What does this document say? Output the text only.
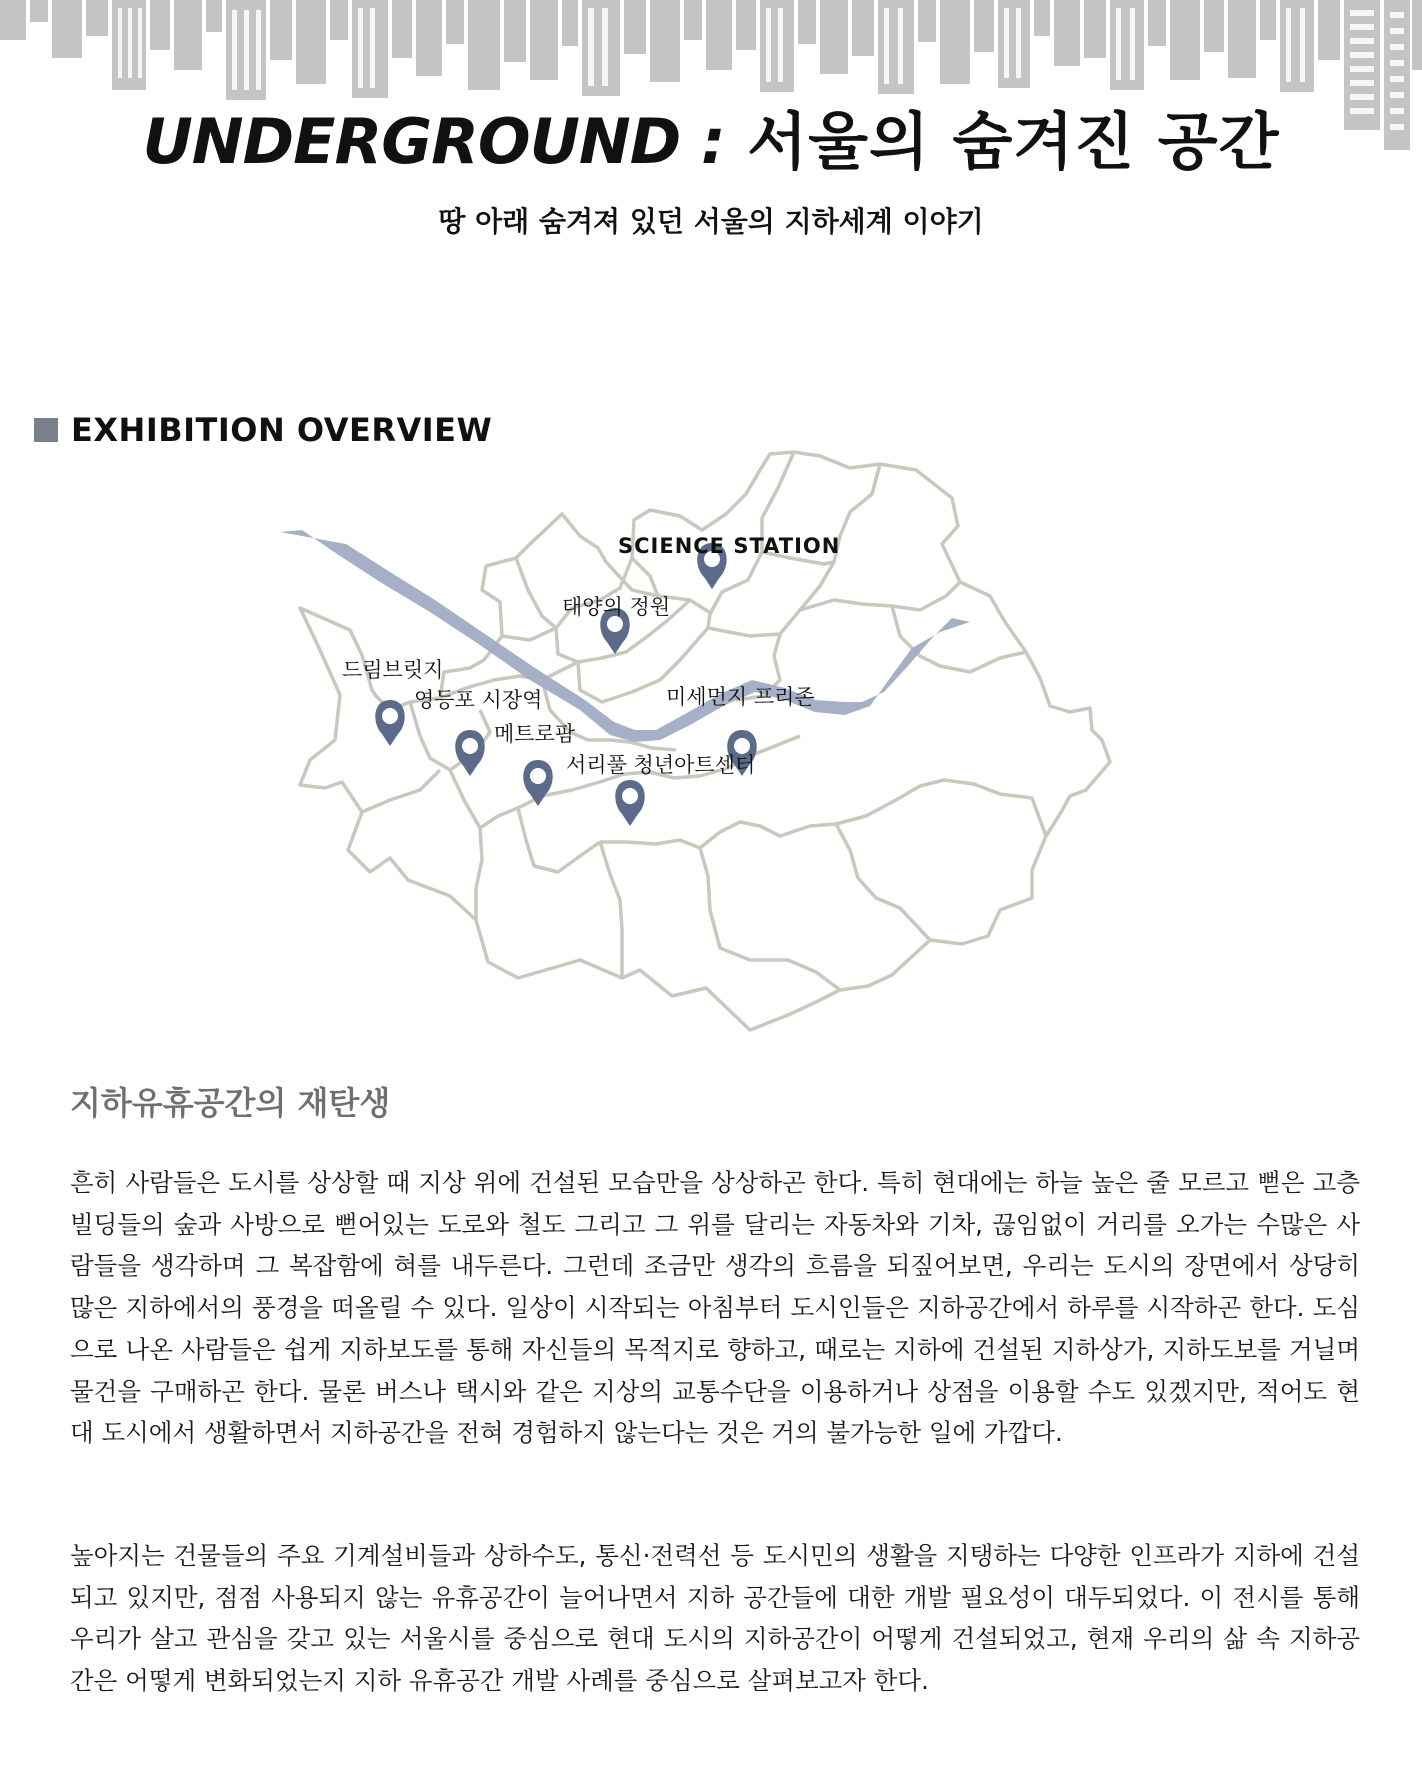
UNDERGROUND : 서울의 숨겨진 공간
땅 아래 숨겨져 있던 서울의 지하세계 이야기
EXHIBITION OVERVIEW
SCIENCE STATION
태양의 정원
드림브릿지
영등포 시장역
메트로팜
서리풀 청년아트센터
미세먼지 프리존
지하유휴공간의 재탄생

흔히 사람들은 도시를 상상할 때 지상 위에 건설된 모습만을 상상하곤 한다. 특히 현대에는 하늘 높은 줄 모르고 뻗은 고층빌딩들의 숲과 사방으로 뻗어있는 도로와 철도 그리고 그 위를 달리는 자동차와 기차, 끊임없이 거리를 오가는 수많은 사람들을 생각하며 그 복잡함에 혀를 내두른다. 그런데 조금만 생각의 흐름을 되짚어보면, 우리는 도시의 장면에서 상당히 많은 지하에서의 풍경을 떠올릴 수 있다. 일상이 시작되는 아침부터 도시인들은 지하공간에서 하루를 시작하곤 한다. 도심으로 나온 사람들은 쉽게 지하보도를 통해 자신들의 목적지로 향하고, 때로는 지하에 건설된 지하상가, 지하도보를 거닐며 물건을 구매하곤 한다. 물론 버스나 택시와 같은 지상의 교통수단을 이용하거나 상점을 이용할 수도 있겠지만, 적어도 현대 도시에서 생활하면서 지하공간을 전혀 경험하지 않는다는 것은 거의 불가능한 일에 가깝다.

높아지는 건물들의 주요 기계설비들과 상하수도, 통신·전력선 등 도시민의 생활을 지탱하는 다양한 인프라가 지하에 건설되고 있지만, 점점 사용되지 않는 유휴공간이 늘어나면서 지하 공간들에 대한 개발 필요성이 대두되었다. 이 전시를 통해 우리가 살고 관심을 갖고 있는 서울시를 중심으로 현대 도시의 지하공간이 어떻게 건설되었고, 현재 우리의 삶 속 지하공간은 어떻게 변화되었는지 지하 유휴공간 개발 사례를 중심으로 살펴보고자 한다.
